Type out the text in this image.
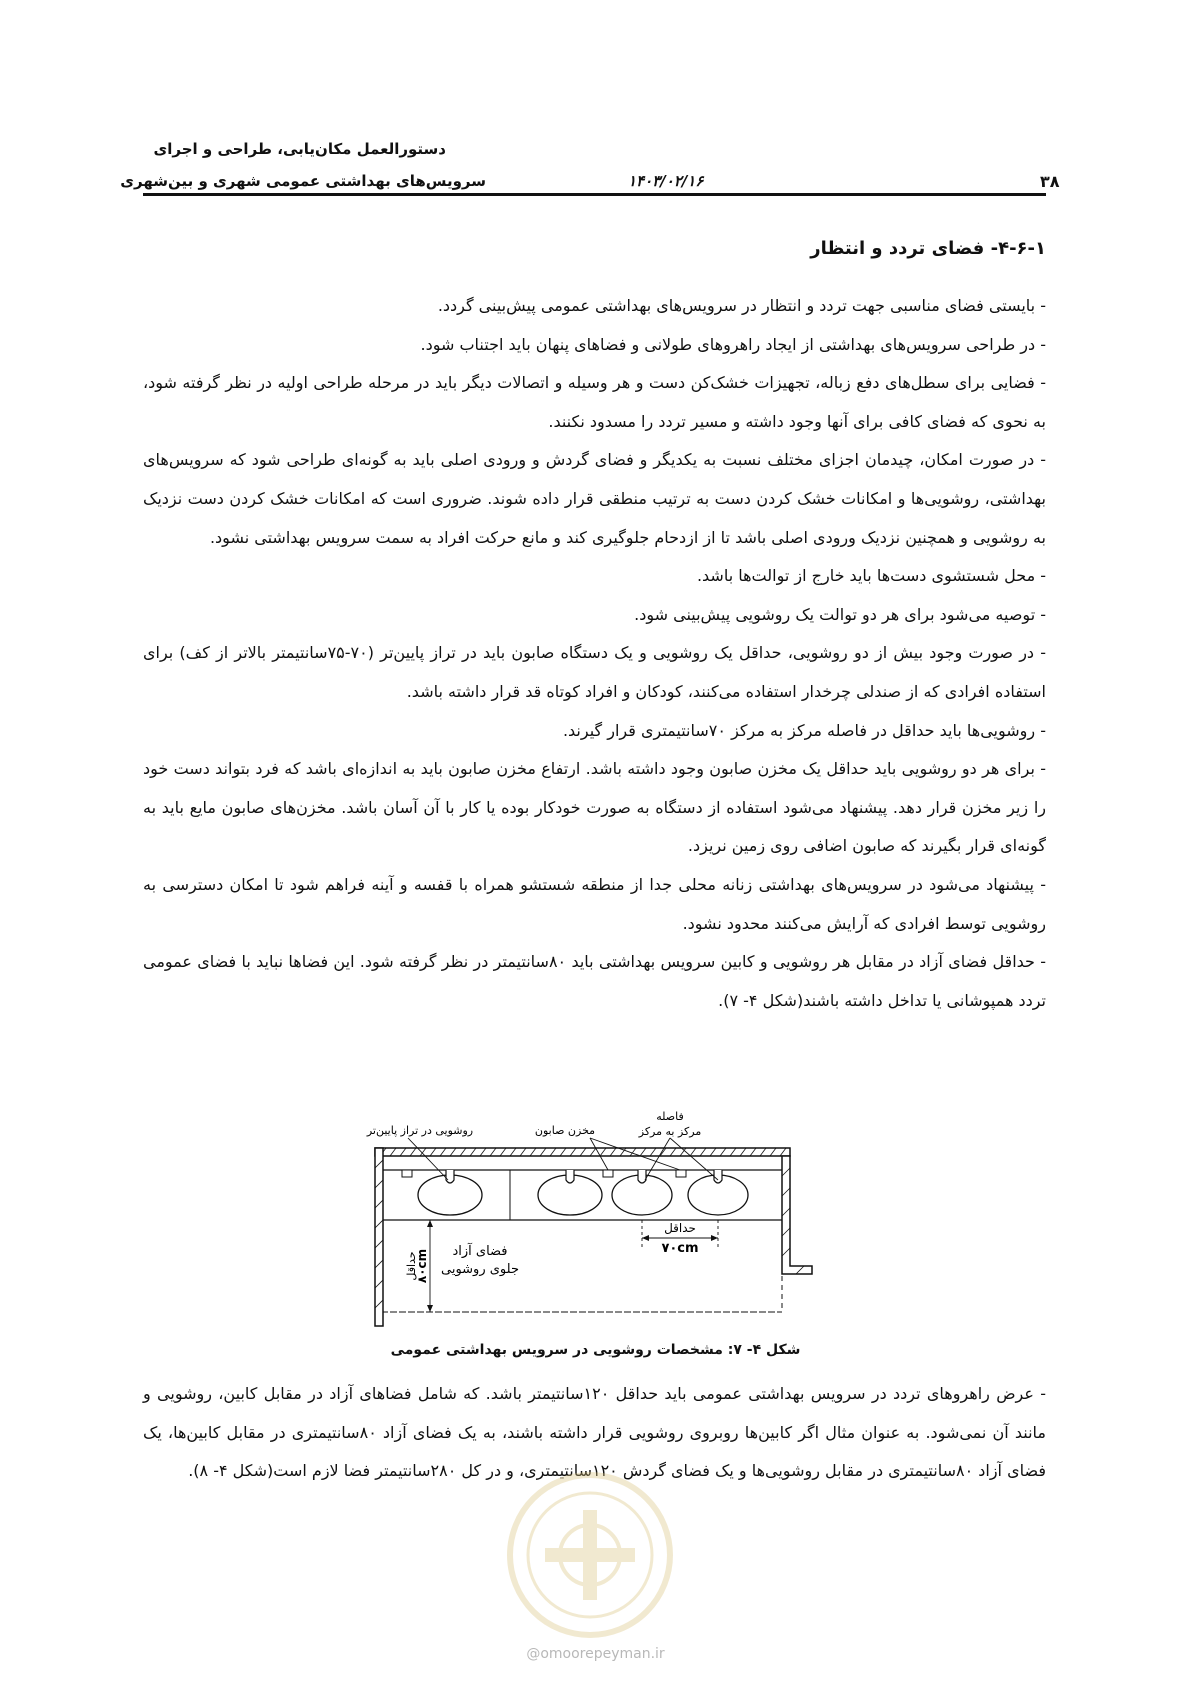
دستورالعمل مکان‌یابی، طراحی و اجرای
سرویس‌های بهداشتی عمومی شهری و بین‌شهری	۱۴۰۳/۰۲/۱۶	۳۸
۴-۶-۱- فضای تردد و انتظار

- بایستی فضای مناسبی جهت تردد و انتظار در سرویس‌های بهداشتی عمومی پیش‌بینی گردد.

- در طراحی سرویس‌های بهداشتی از ایجاد راهروهای طولانی و فضاهای پنهان باید اجتناب شود.

- فضایی برای سطل‌های دفع زباله، تجهیزات خشک‌کن دست و هر وسیله و اتصالات دیگر باید در مرحله طراحی اولیه در نظر گرفته شود، به نحوی که فضای کافی برای آنها وجود داشته و مسیر تردد را مسدود نکنند.

- در صورت امکان، چیدمان اجزای مختلف نسبت به یکدیگر و فضای گردش و ورودی اصلی باید به گونه‌ای طراحی شود که سرویس‌های بهداشتی، روشویی‌ها و امکانات خشک کردن دست به ترتیب منطقی قرار داده شوند. ضروری است که امکانات خشک کردن دست نزدیک به روشویی و همچنین نزدیک ورودی اصلی باشد تا از ازدحام جلوگیری کند و مانع حرکت افراد به سمت سرویس بهداشتی نشود.

- محل شستشوی دست‌ها باید خارج از توالت‌ها باشد.

- توصیه می‌شود برای هر دو توالت یک روشویی پیش‌بینی شود.

- در صورت وجود بیش از دو روشویی، حداقل یک روشویی و یک دستگاه صابون باید در تراز پایین‌تر (۷۰-۷۵سانتیمتر بالاتر از کف) برای استفاده افرادی که از صندلی چرخدار استفاده می‌کنند، کودکان و افراد کوتاه قد قرار داشته باشد.

- روشویی‌ها باید حداقل در فاصله مرکز به مرکز ۷۰سانتیمتری قرار گیرند.

- برای هر دو روشویی باید حداقل یک مخزن صابون وجود داشته باشد. ارتفاع مخزن صابون باید به اندازه‌ای باشد که فرد بتواند دست خود را زیر مخزن قرار دهد. پیشنهاد می‌شود استفاده از دستگاه به صورت خودکار بوده یا کار با آن آسان باشد. مخزن‌های صابون مایع باید به گونه‌ای قرار بگیرند که صابون اضافی روی زمین نریزد.

- پیشنهاد می‌شود در سرویس‌های بهداشتی زنانه محلی جدا از منطقه شستشو همراه با قفسه و آینه فراهم شود تا امکان دسترسی به روشویی توسط افرادی که آرایش می‌کنند محدود نشود.

- حداقل فضای آزاد در مقابل هر روشویی و کابین سرویس بهداشتی باید ۸۰سانتیمتر در نظر گرفته شود. این فضاها نباید با فضای عمومی تردد همپوشانی یا تداخل داشته باشند(شکل ۴- ۷).

روشویی در تراز پایین‌تر	مخزن صابون
فاصله
مرکز به مرکز
حداقل
۷۰cm
فضای آزاد
جلوی روشویی
حداقل
۸۰cm
شکل ۴- ۷: مشخصات روشویی در سرویس بهداشتی عمومی

- عرض راهروهای تردد در سرویس بهداشتی عمومی باید حداقل ۱۲۰سانتیمتر باشد. که شامل فضاهای آزاد در مقابل کابین، روشویی و مانند آن نمی‌شود. به عنوان مثال اگر کابین‌ها روبروی روشویی قرار داشته باشند، به یک فضای آزاد ۸۰سانتیمتری در مقابل کابین‌ها، یک فضای آزاد ۸۰سانتیمتری در مقابل روشویی‌ها و یک فضای گردش ۱۲۰سانتیمتری، و در کل ۲۸۰سانتیمتر فضا لازم است(شکل ۴- ۸).

@omoorepeyman.ir
